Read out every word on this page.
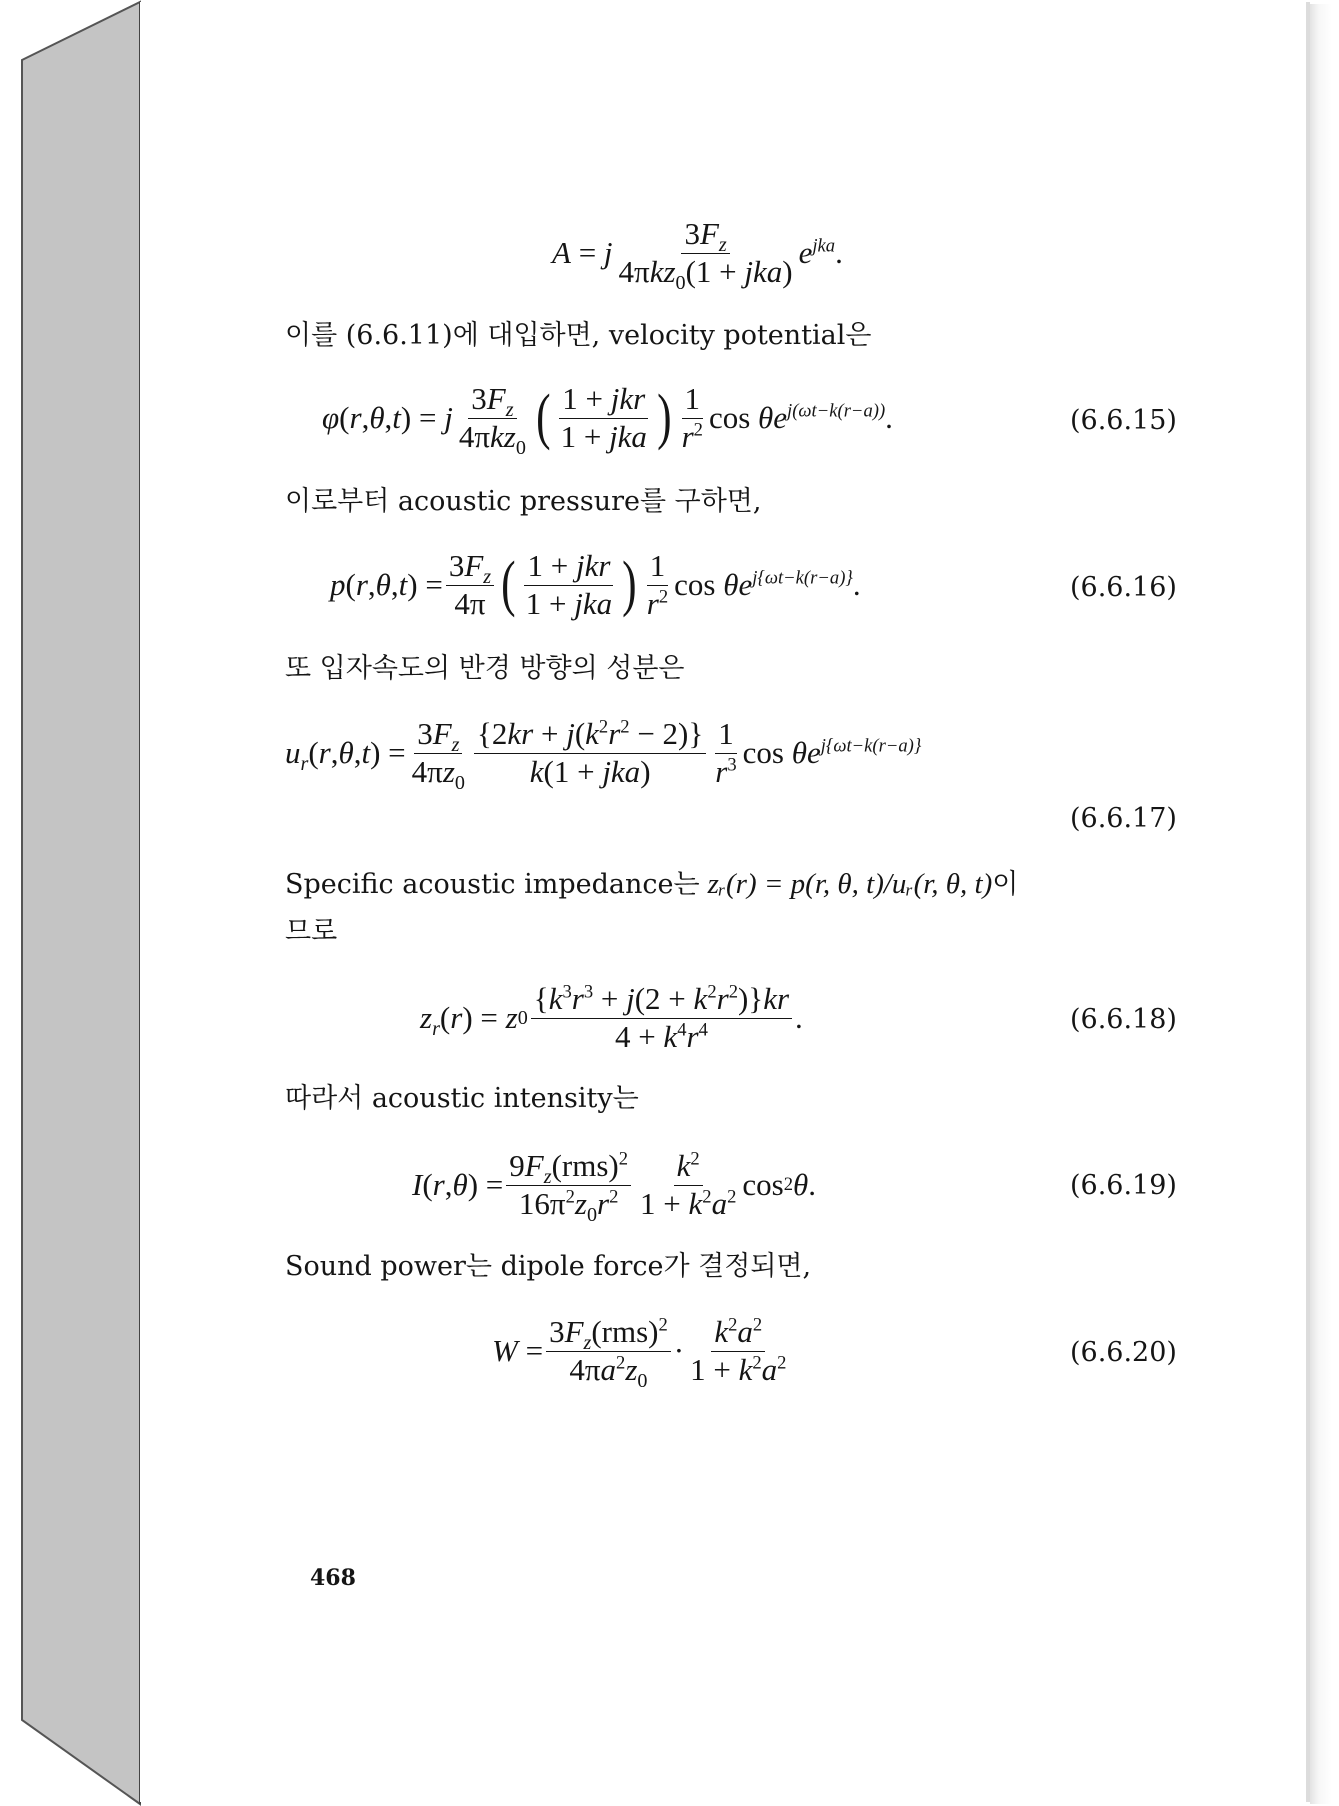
A = j $\frac{3F_z}{4\pi kz_0(1 + jka)} e^{jka}$ .
이를 (6.6.11)에 대입하면, velocity potential은
φ ( r , θ , t ) = j $\frac{3F_z}{4\pi kz_0}$ ( $\frac{\text{1 + jkr}}{\text{1 + jka}}$ ) $\frac{1}{r^2}$ $\cos \theta e^{j(\omega t-k(r-a))}$ .	(6.6.15)
이로부터 acoustic pressure를 구하면,
p ( r , θ , t ) = $\frac{3F_z}{4\pi}$ ( $\frac{\text{1 + jkr}}{\text{1 + jka}}$ ) $\frac{1}{r^2}$ $\cos \theta e^{j\{\omega t-k(r-a)\}}$ .	(6.6.16)
또 입자속도의 반경 방향의 성분은
$u_r$ ( r , θ , t ) = $\frac{3F_z}{4\pi z_0} \frac{\{2kr + j(k^2r^2 - 2)\}}{\text{k(1 + jka)}} \frac{1}{r^3}$ $\cos \theta e^{j\{\omega t-k(r-a)\}}$
(6.6.17)
Specific acoustic impedance는 zᵣ(r) = p(r, θ, t)/uᵣ(r, θ, t)이
므로
$z_r$ ( r ) = z $0 \frac{\{k^3r^3 + j(2 + k^2r^2)\}kr}{4 + k^4r^4}$ .	(6.6.18)
따라서 acoustic intensity는
I ( r , θ ) = $\frac{9F_z(rms)^2}{16\pi^2z_0r^2} \frac{k^2}{1 + k^2a^2}$ cos 2 θ .	(6.6.19)
Sound power는 dipole force가 결정되면,
$W = \frac{3F_z(rms)^2}{4\pi a^2z_0} \cdot \frac{k^2a^2}{1 + k^2a^2}$	(6.6.20)
468
